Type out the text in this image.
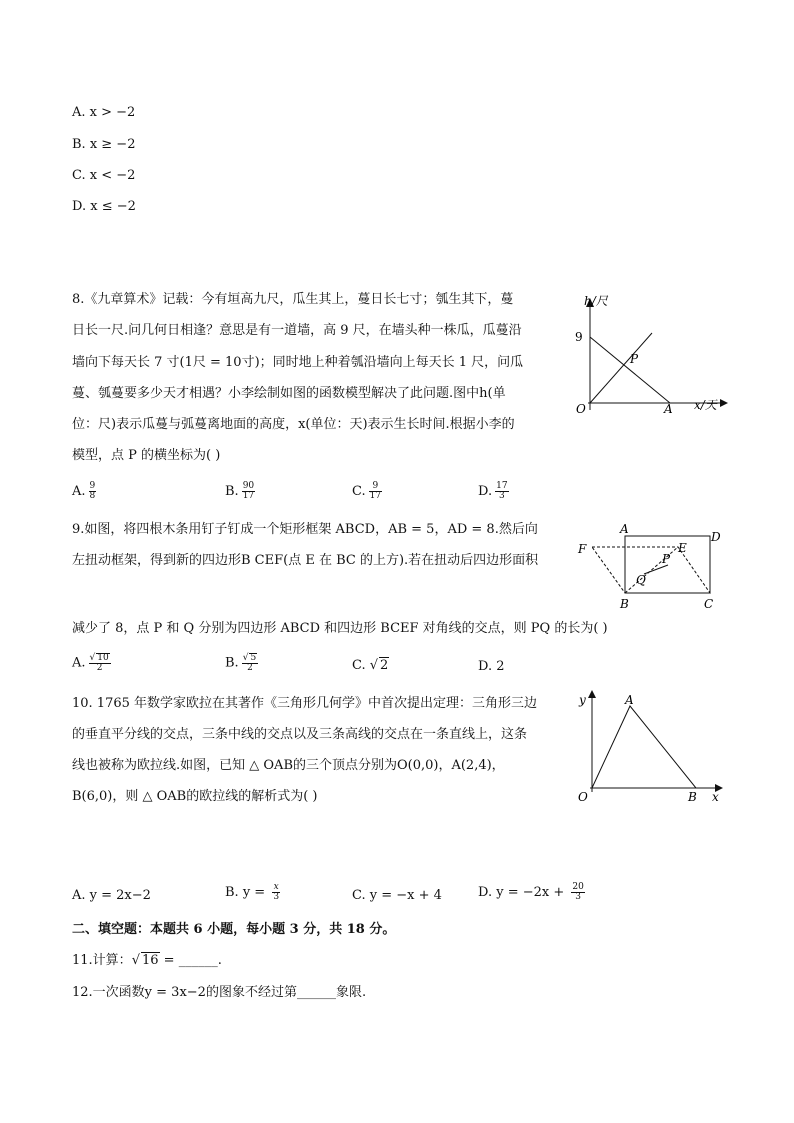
A. x > −2
B. x ≥ −2
C. x < −2
D. x ≤ −2
8.《九章算术》记载：今有垣高九尺，瓜生其上，蔓日长七寸；瓠生其下，蔓
日长一尺.问几何日相逢？意思是有一道墙，高 9 尺，在墙头种一株瓜，瓜蔓沿
墙向下每天长 7 寸(1尺 = 10寸)；同时地上种着瓠沿墙向上每天长 1 尺，问瓜
蔓、瓠蔓要多少天才相遇？小李绘制如图的函数模型解决了此问题.图中h(单
位：尺)表示瓜蔓与弧蔓离地面的高度，x(单位：天)表示生长时间.根据小李的
模型，点 P 的横坐标为( )
A. $\frac{9}{8}$	B. $\frac{90}{17}$	C. $\frac{9}{17}$	D. $\frac{17}{3}$
h/尺
x/天
O
9
P
A
9.如图，将四根木条用钉子钉成一个矩形框架 ABCD，AB = 5，AD = 8.然后向
左扭动框架，得到新的四边形B CEF(点 E 在 BC 的上方).若在扭动后四边形面积
减少了 8，点 P 和 Q 分别为四边形 ABCD 和四边形 BCEF 对角线的交点，则 PQ 的长为( )
A. $\frac{√ 10}{2}$	B. $\frac{√ 5}{2}$	C. √ 2	D. 2
A
D
F	E
P
Q
B	C
10. 1765 年数学家欧拉在其著作《三角形几何学》中首次提出定理：三角形三边
的垂直平分线的交点，三条中线的交点以及三条高线的交点在一条直线上，这条
线也被称为欧拉线.如图，已知 △ OAB的三个顶点分别为O(0,0)，A(2,4)，
B(6,0)，则 △ OAB的欧拉线的解析式为( )
y
x
O
A
B
A. y = 2x−2	B. $y = \frac{x}{3}$	C. y = −x + 4	D. $y = -2x + \frac{20}{3}$
二、填空题：本题共 6 小题，每小题 3 分，共 18 分。
11.计算：√ 16 = ______.
12.一次函数y = 3x−2的图象不经过第______象限.
